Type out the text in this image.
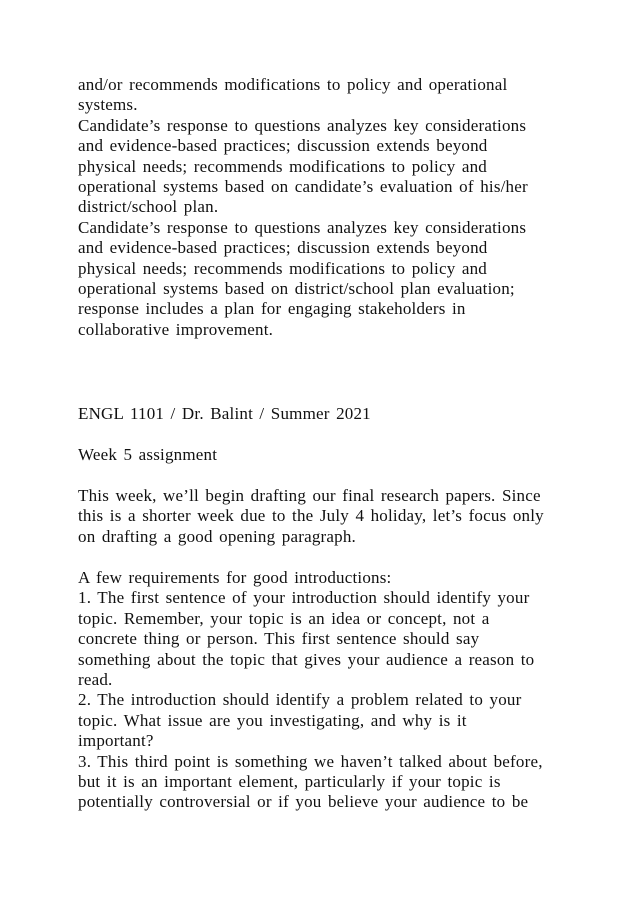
and/or recommends modifications to policy and operational
systems.
Candidate’s response to questions analyzes key considerations
and evidence-based practices; discussion extends beyond
physical needs; recommends modifications to policy and
operational systems based on candidate’s evaluation of his/her
district/school plan.
Candidate’s response to questions analyzes key considerations
and evidence-based practices; discussion extends beyond
physical needs; recommends modifications to policy and
operational systems based on district/school plan evaluation;
response includes a plan for engaging stakeholders in
collaborative improvement.
ENGL 1101 / Dr. Balint / Summer 2021
Week 5 assignment
This week, we’ll begin drafting our final research papers. Since
this is a shorter week due to the July 4 holiday, let’s focus only
on drafting a good opening paragraph.
A few requirements for good introductions:
1. The first sentence of your introduction should identify your
topic. Remember, your topic is an idea or concept, not a
concrete thing or person. This first sentence should say
something about the topic that gives your audience a reason to
read.
2. The introduction should identify a problem related to your
topic. What issue are you investigating, and why is it
important?
3. This third point is something we haven’t talked about before,
but it is an important element, particularly if your topic is
potentially controversial or if you believe your audience to be
